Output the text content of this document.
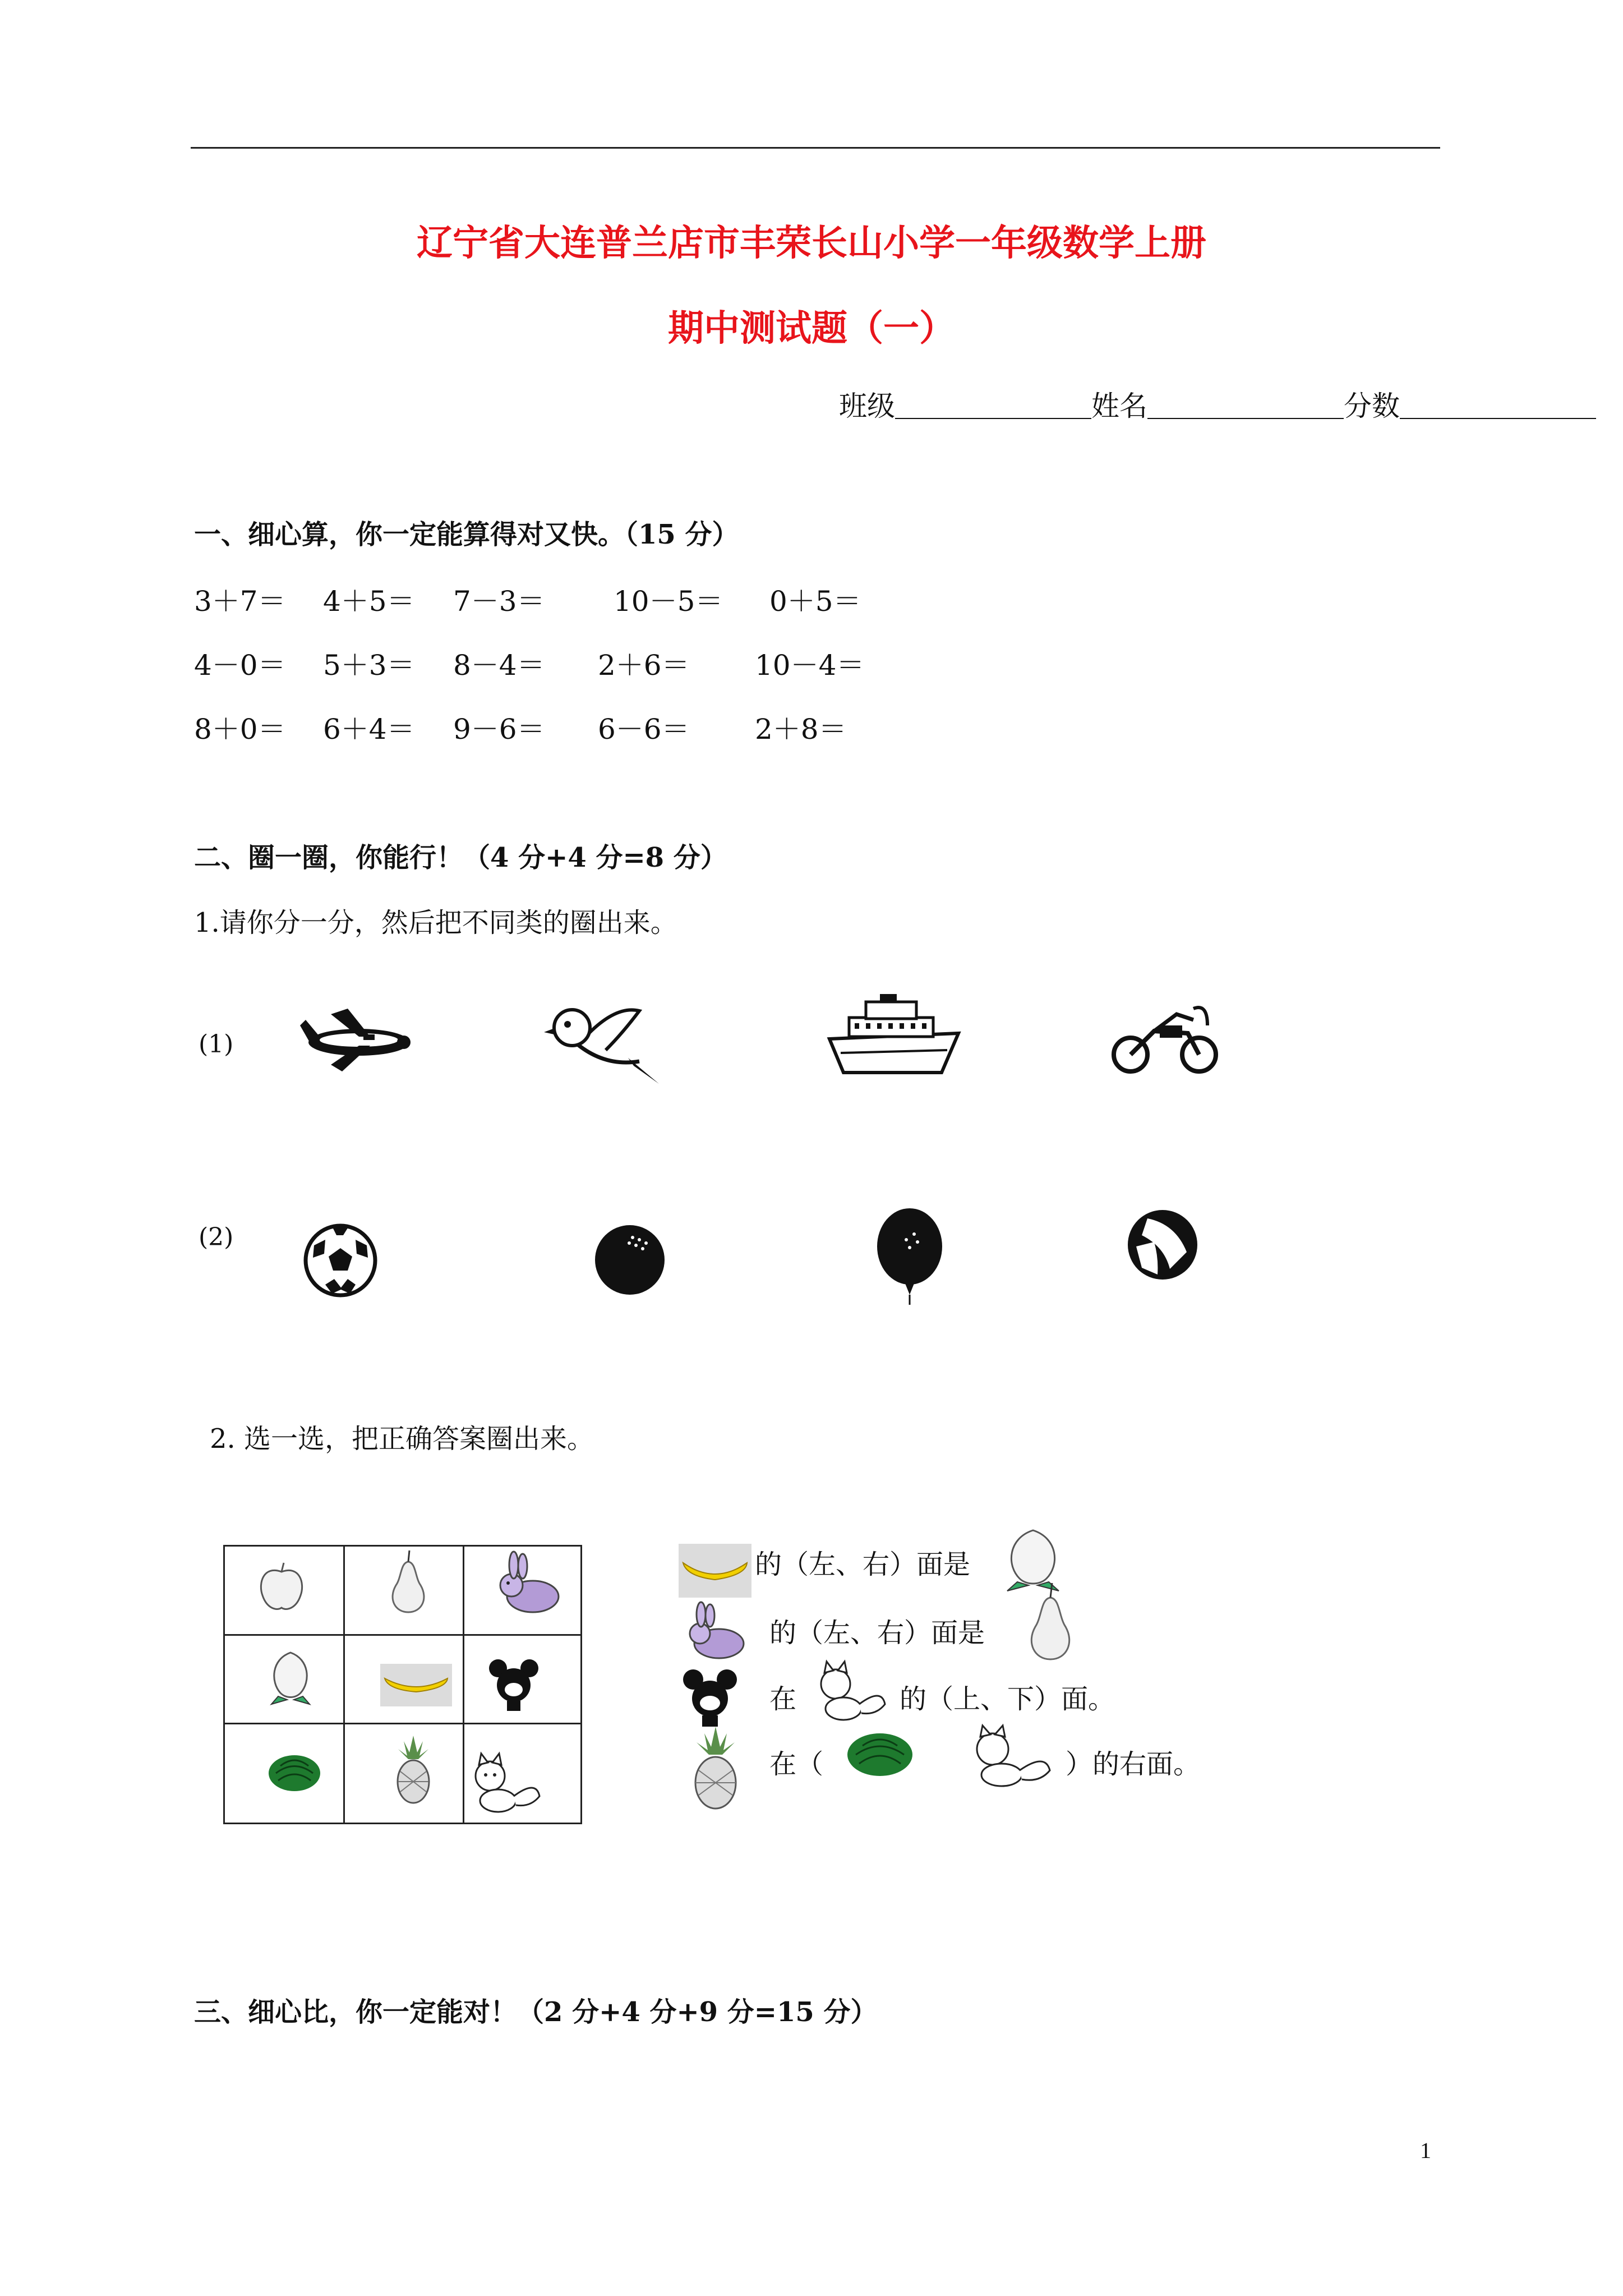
辽宁省大连普兰店市丰荣长山小学一年级数学上册
期中测试题（一）
班级＿＿＿＿＿＿＿姓名＿＿＿＿＿＿＿分数＿＿＿＿＿＿＿
一、细心算，你一定能算得对又快。（15 分）
3＋7＝ 4＋5＝ 7－3＝ 10－5＝ 0＋5＝
4－0＝ 5＋3＝ 8－4＝ 2＋6＝ 10－4＝
8＋0＝ 6＋4＝ 9－6＝ 6－6＝ 2＋8＝
二、圈一圈，你能行！（4 分+4 分=8 分）
1.请你分一分，然后把不同类的圈出来。
(1)
(2)
2. 选一选，把正确答案圈出来。
的（左、右）面是
的（左、右）面是
在	的（上、下）面。
在（	）的右面。
三、细心比，你一定能对！（2 分+4 分+9 分=15 分）
1
